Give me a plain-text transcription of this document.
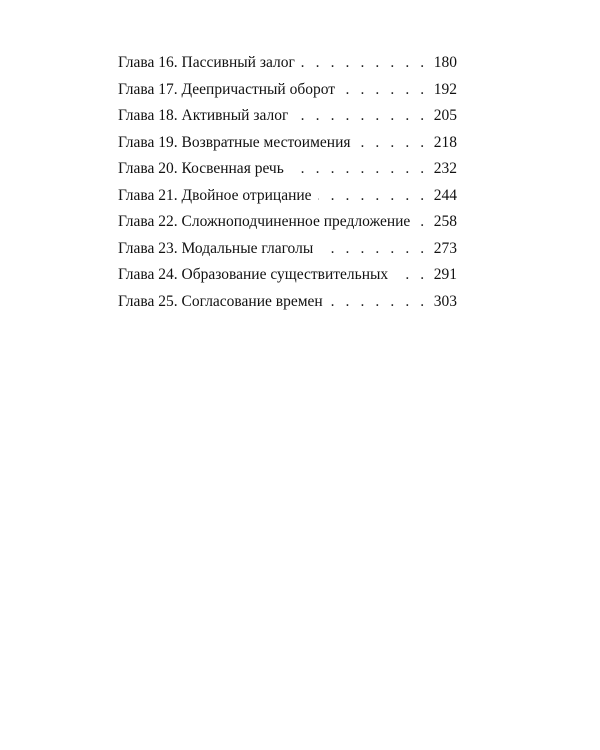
Глава 16. Пассивный залог . . .	180
Глава 17. Деепричастный оборот . . .	192
Глава 18. Активный залог . . .	205
Глава 19. Возвратные местоимения . . .	218
Глава 20. Косвенная речь . . .	232
Глава 21. Двойное отрицание . . .	244
Глава 22. Сложноподчиненное предложение . . . 258
Глава 23. Модальные глаголы . . .	273
Глава 24. Образование существительных . . .	291
Глава 25. Согласование времен . . .	303
